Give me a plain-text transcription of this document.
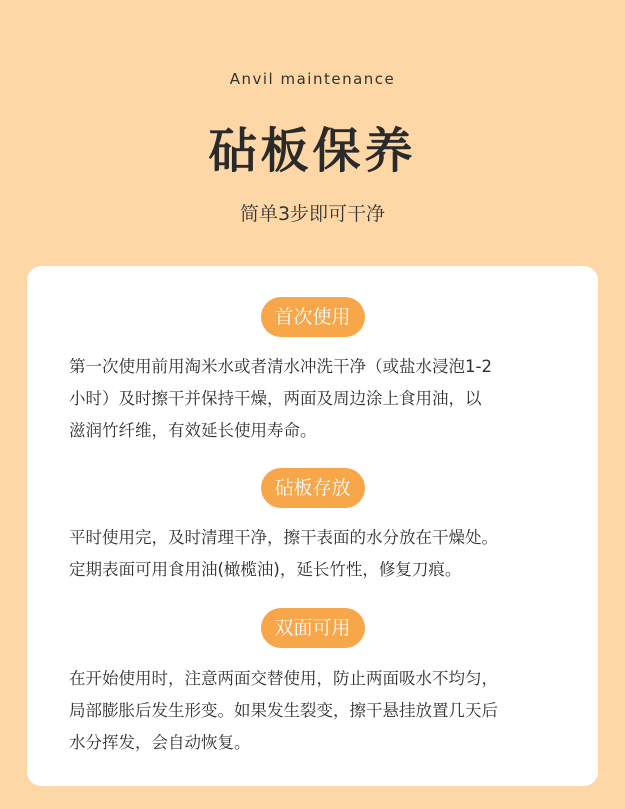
Anvil maintenance
砧板保养
简单3步即可干净
首次使用
第一次使用前用淘米水或者清水冲洗干净（或盐水浸泡1-2
小时）及时擦干并保持干燥，两面及周边涂上食用油，以
滋润竹纤维，有效延长使用寿命。
砧板存放
平时使用完，及时清理干净，擦干表面的水分放在干燥处。
定期表面可用食用油(橄榄油)，延长竹性，修复刀痕。
双面可用
在开始使用时，注意两面交替使用，防止两面吸水不均匀，
局部膨胀后发生形变。如果发生裂变，擦干悬挂放置几天后
水分挥发，会自动恢复。
